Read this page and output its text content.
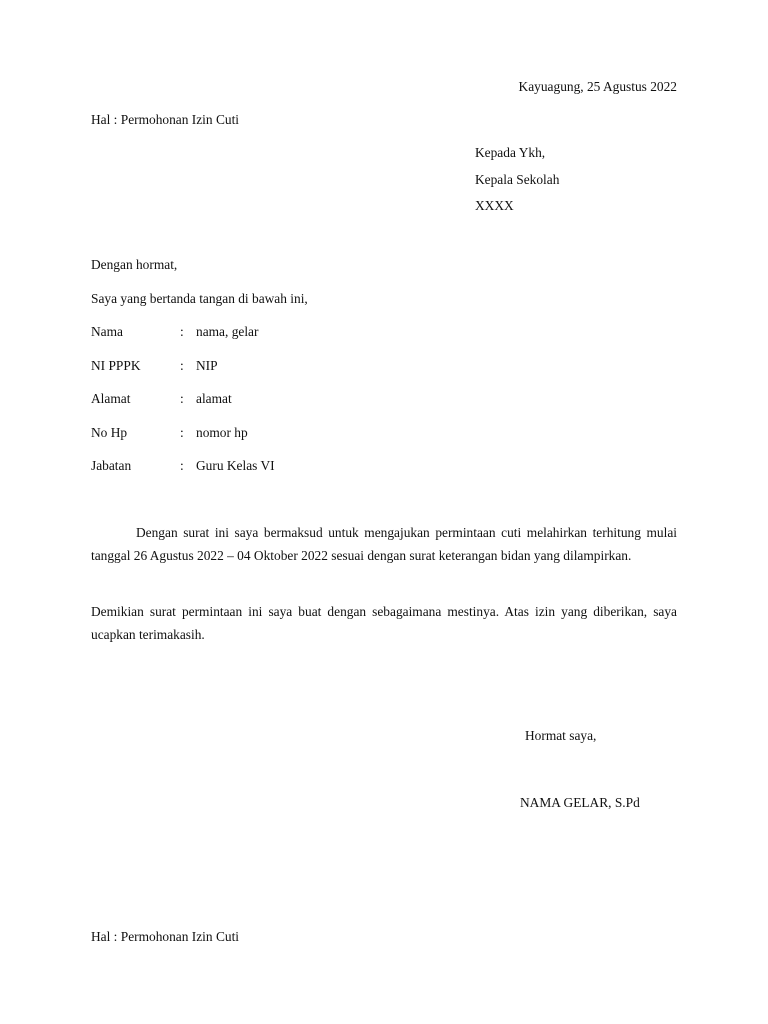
Kayuagung, 25 Agustus 2022
Hal : Permohonan Izin Cuti
Kepada Ykh,
Kepala Sekolah
XXXX
Dengan hormat,
Saya yang bertanda tangan di bawah ini,
Nama	: nama, gelar
NI PPPK	: NIP
Alamat	: alamat
No Hp	: nomor hp
Jabatan	: Guru Kelas VI

Dengan surat ini saya bermaksud untuk mengajukan permintaan cuti melahirkan terhitung mulai tanggal 26 Agustus 2022 – 04 Oktober 2022 sesuai dengan surat keterangan bidan yang dilampirkan.

Demikian surat permintaan ini saya buat dengan sebagaimana mestinya. Atas izin yang diberikan, saya ucapkan terimakasih.

Hormat saya,
NAMA GELAR, S.Pd
Hal : Permohonan Izin Cuti
